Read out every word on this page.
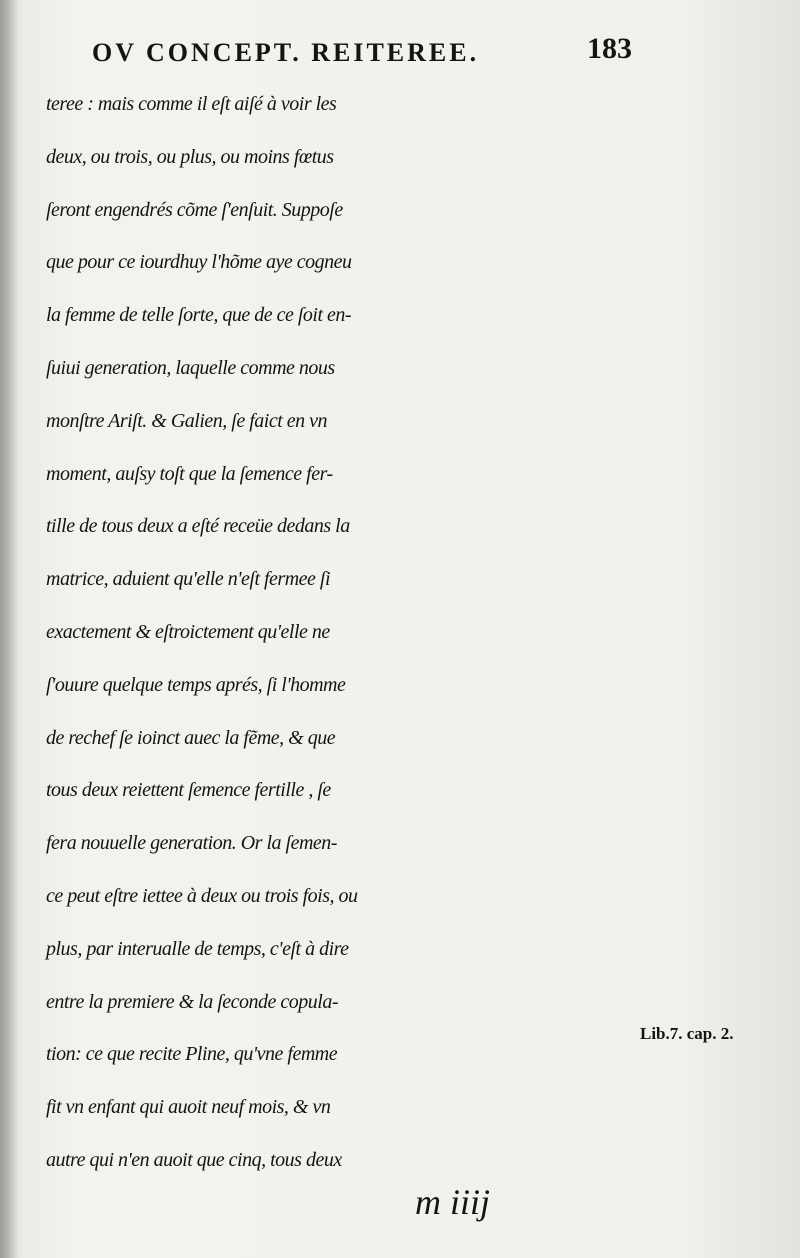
OV CONCEPT. REITEREE.	183
teree : mais comme il eſt aiſé à voir les
deux, ou trois, ou plus, ou moins fœtus
ſeront engendrés cõme ſ'enſuit. Suppoſe
que pour ce iourdhuy l'hõme aye cogneu
la femme de telle ſorte, que de ce ſoit en-
ſuiui generation, laquelle comme nous
monſtre Ariſt. & Galien, ſe faict en vn
moment, auſsy toſt que la ſemence fer-
tille de tous deux a eſté receüe dedans la
matrice, aduient qu'elle n'eſt fermee ſi
exactement & eſtroictement qu'elle ne
ſ'ouure quelque temps aprés, ſi l'homme
de rechef ſe ioinct auec la fẽme, & que
tous deux reiettent ſemence fertille , ſe
fera nouuelle generation. Or la ſemen-
ce peut eſtre iettee à deux ou trois fois, ou
plus, par interualle de temps, c'eſt à dire
entre la premiere & la ſeconde copula-
tion: ce que recite Pline, qu'vne femme
fit vn enfant qui auoit neuf mois, & vn
autre qui n'en auoit que cinq, tous deux
Lib.7. cap. 2.
m iiij
